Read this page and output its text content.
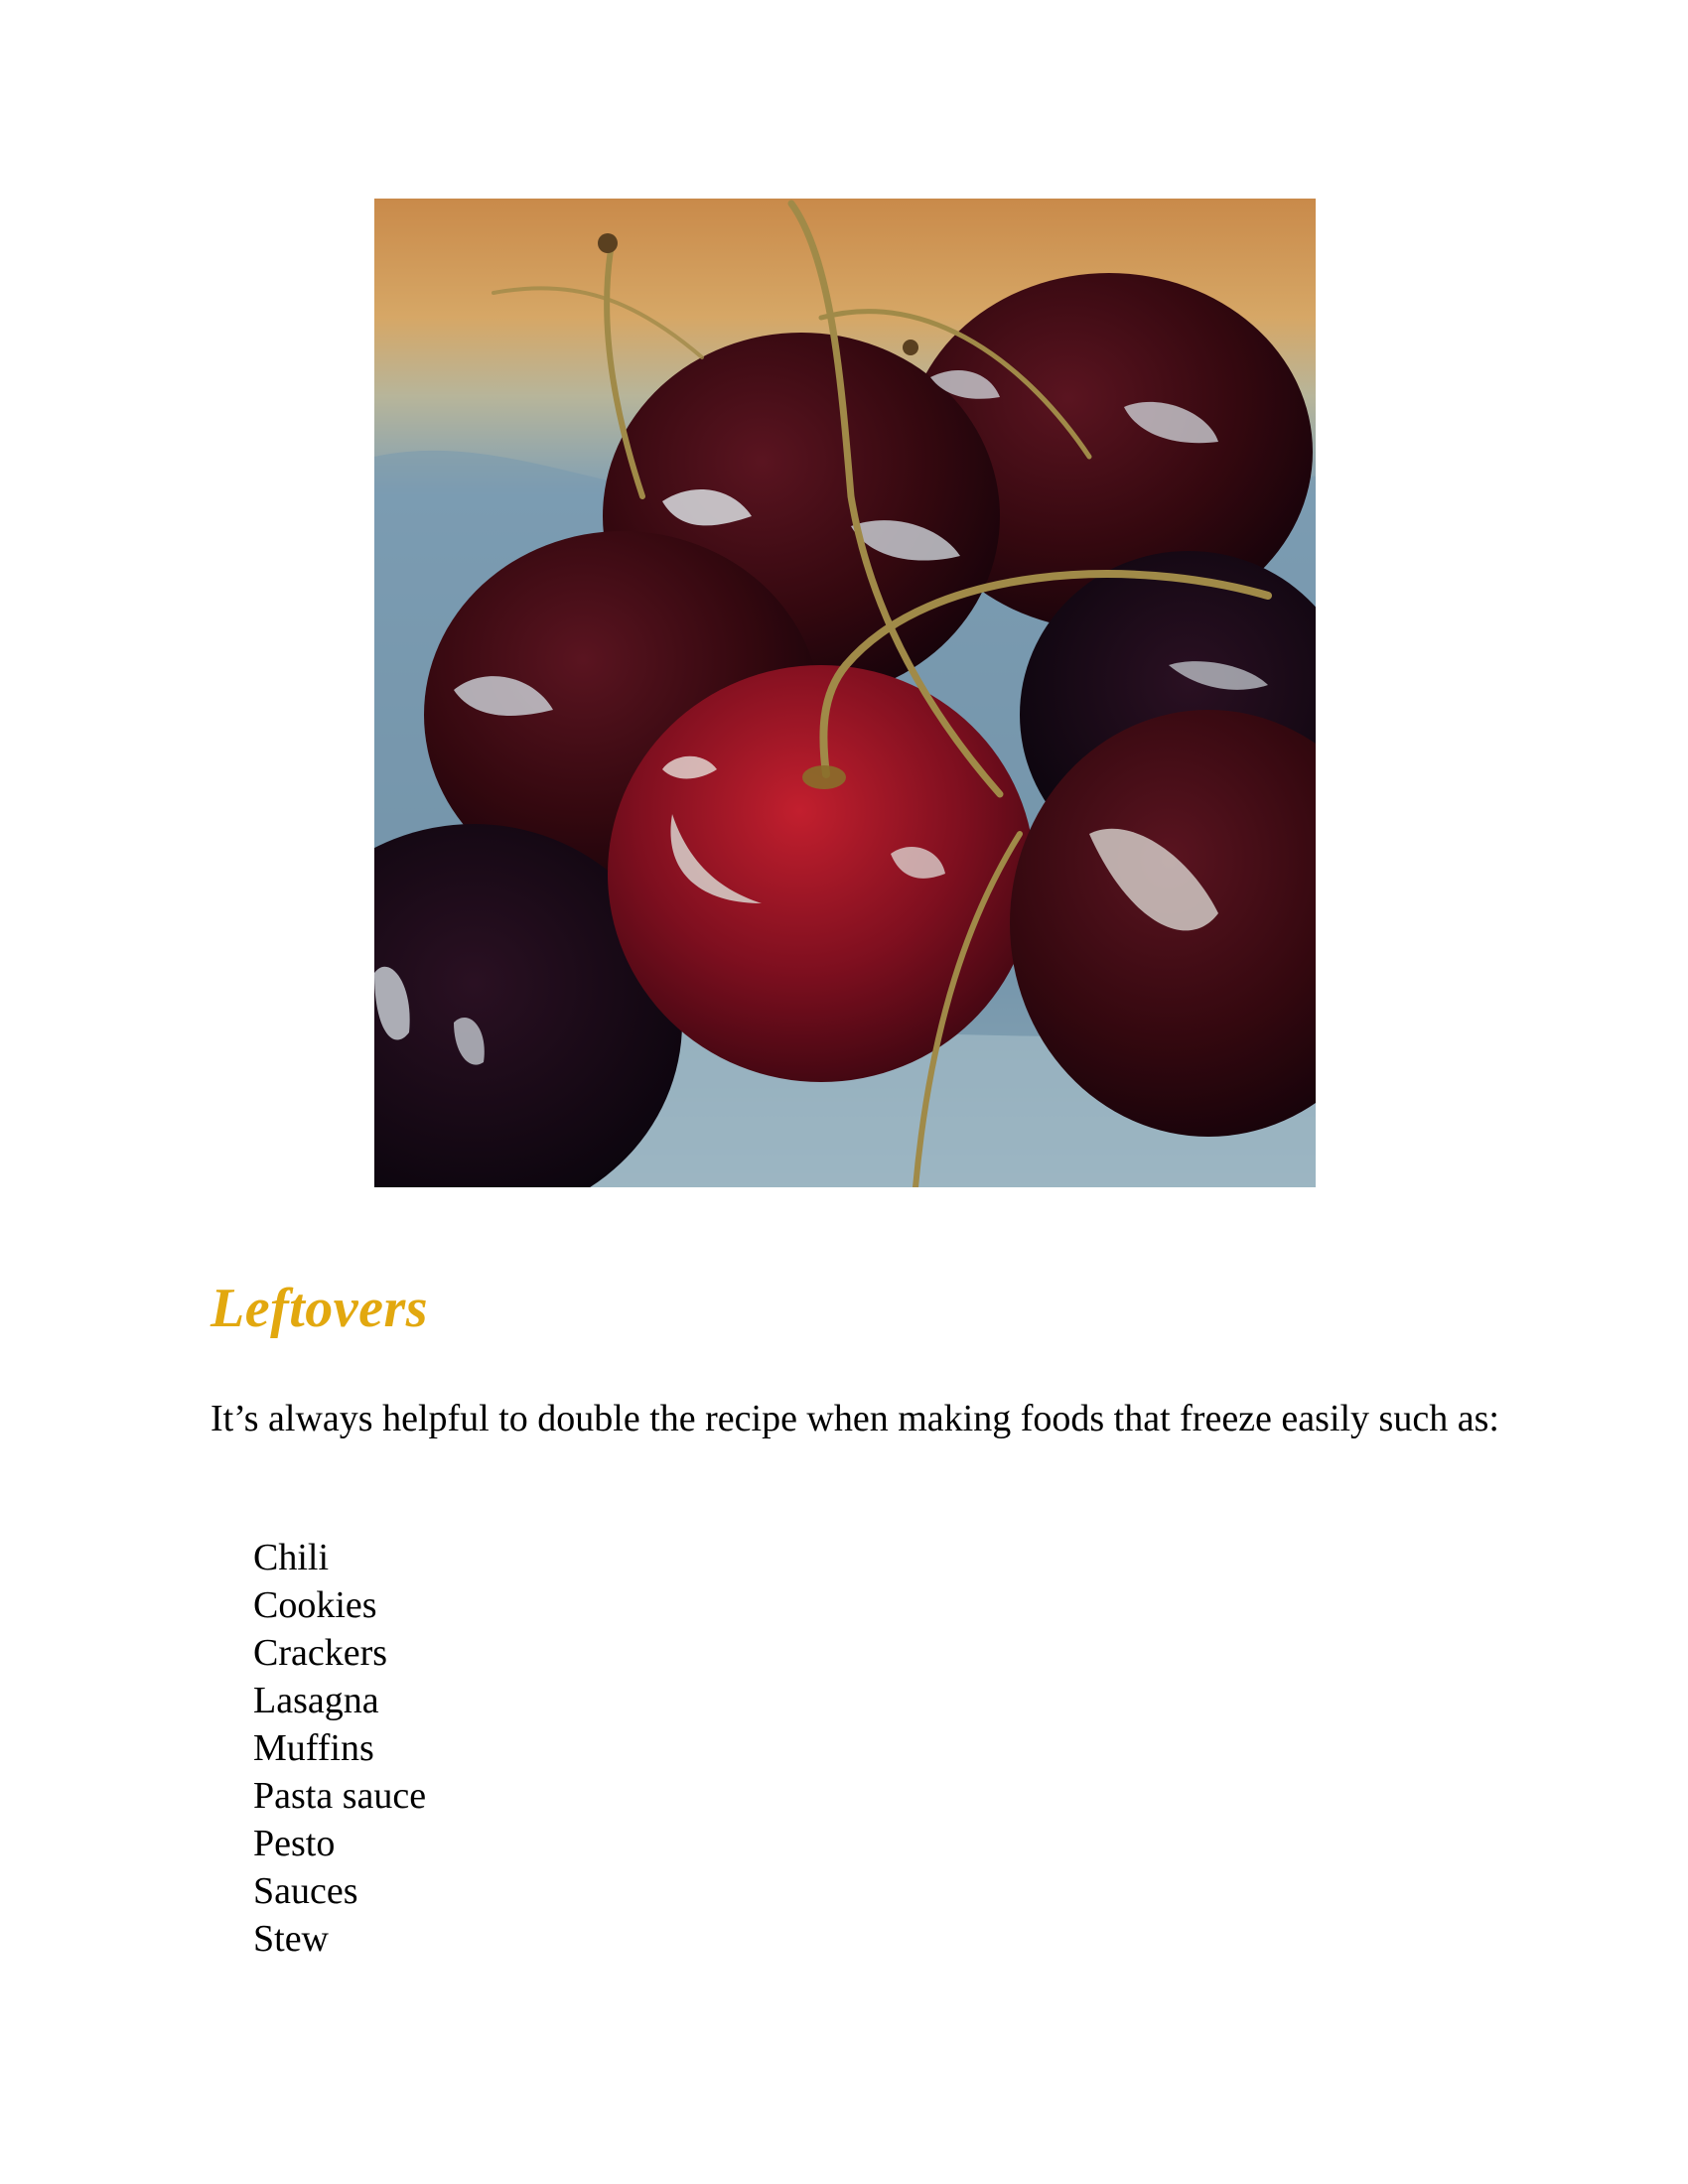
Leftovers

It’s always helpful to double the recipe when making foods that freeze easily such as:

Chili
Cookies
Crackers
Lasagna
Muffins
Pasta sauce
Pesto
Sauces
Stew
